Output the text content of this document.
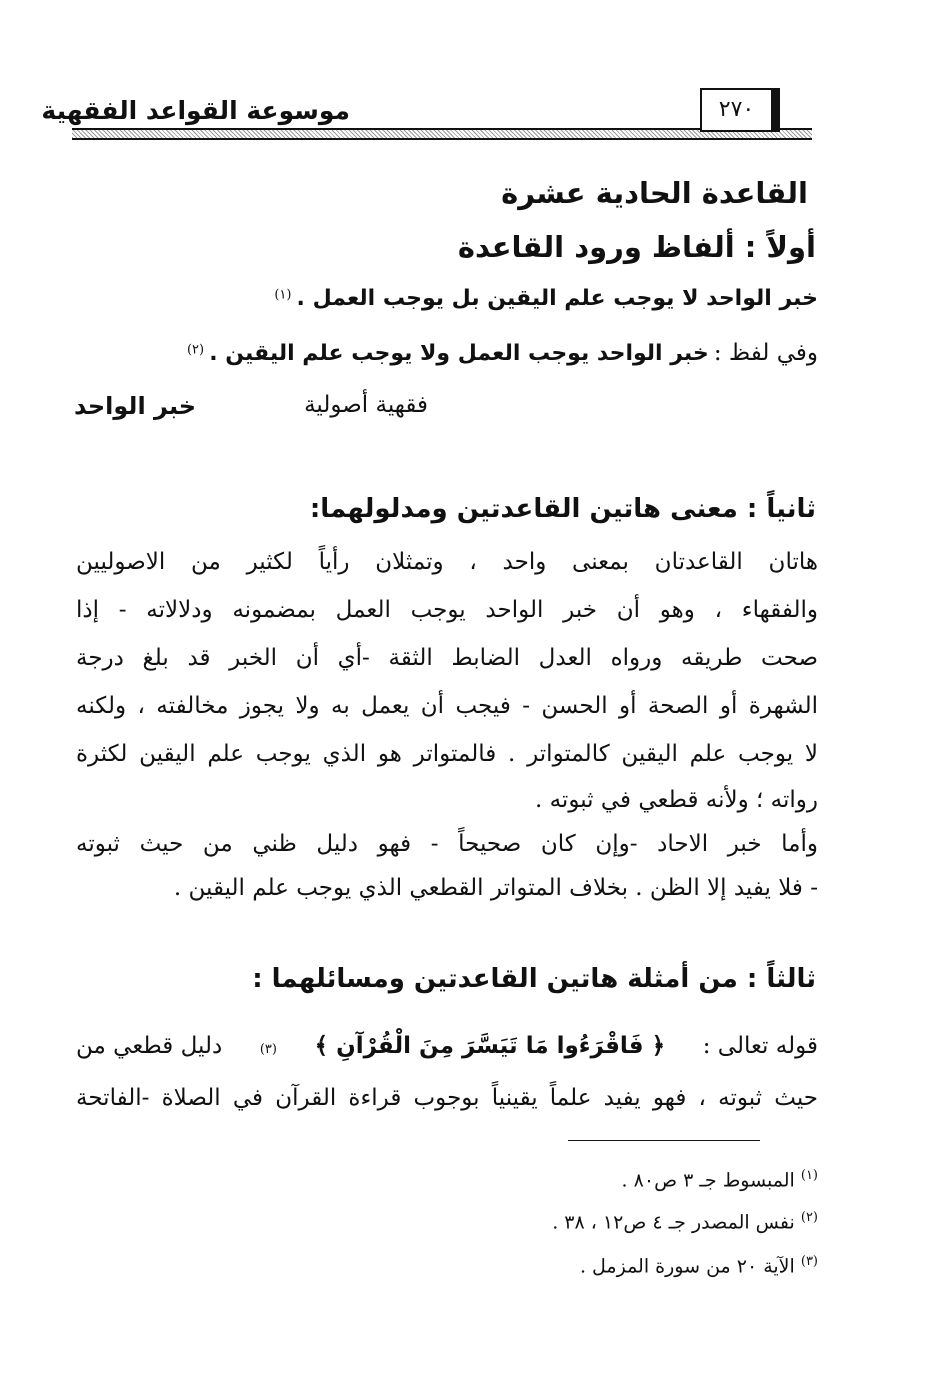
موسوعة القواعد الفقهية	٢٧٠
القاعدة الحادية عشرة
أولاً : ألفاظ ورود القاعدة
خبر الواحد لا يوجب علم اليقين بل يوجب العمل . $^{(١)}$
وفي لفظ : خبر الواحد يوجب العمل ولا يوجب علم اليقين . $^{(٢)}$
فقهية أصولية
خبر الواحد
ثانياً : معنى هاتين القاعدتين ومدلولهما:
هاتان القاعدتان بمعنى واحد ، وتمثلان رأياً لكثير من الاصوليين
والفقهاء ، وهو أن خبر الواحد يوجب العمل بمضمونه ودلالاته - إذا
صحت طريقه ورواه العدل الضابط الثقة -أي أن الخبر قد بلغ درجة
الشهرة أو الصحة أو الحسن - فيجب أن يعمل به ولا يجوز مخالفته ، ولكنه
لا يوجب علم اليقين كالمتواتر . فالمتواتر هو الذي يوجب علم اليقين لكثرة
رواته ؛ ولأنه قطعي في ثبوته .
وأما خبر الاحاد -وإن كان صحيحاً - فهو دليل ظني من حيث ثبوته
- فلا يفيد إلا الظن . بخلاف المتواتر القطعي الذي يوجب علم اليقين .
ثالثاً : من أمثلة هاتين القاعدتين ومسائلهما :
قوله تعالى :
﴿ فَاقْرَءُوا مَا تَيَسَّرَ مِنَ الْقُرْآنِ ﴾
(٣)
دليل قطعي من
حيث ثبوته ، فهو يفيد علماً يقينياً بوجوب قراءة القرآن في الصلاة -الفاتحة
$^{(١)}$ المبسوط جـ ٣ ص٨٠ .
$^{(٢)}$ نفس المصدر جـ ٤ ص١٢ ، ٣٨ .
$^{(٣)}$ الآية ٢٠ من سورة المزمل .
